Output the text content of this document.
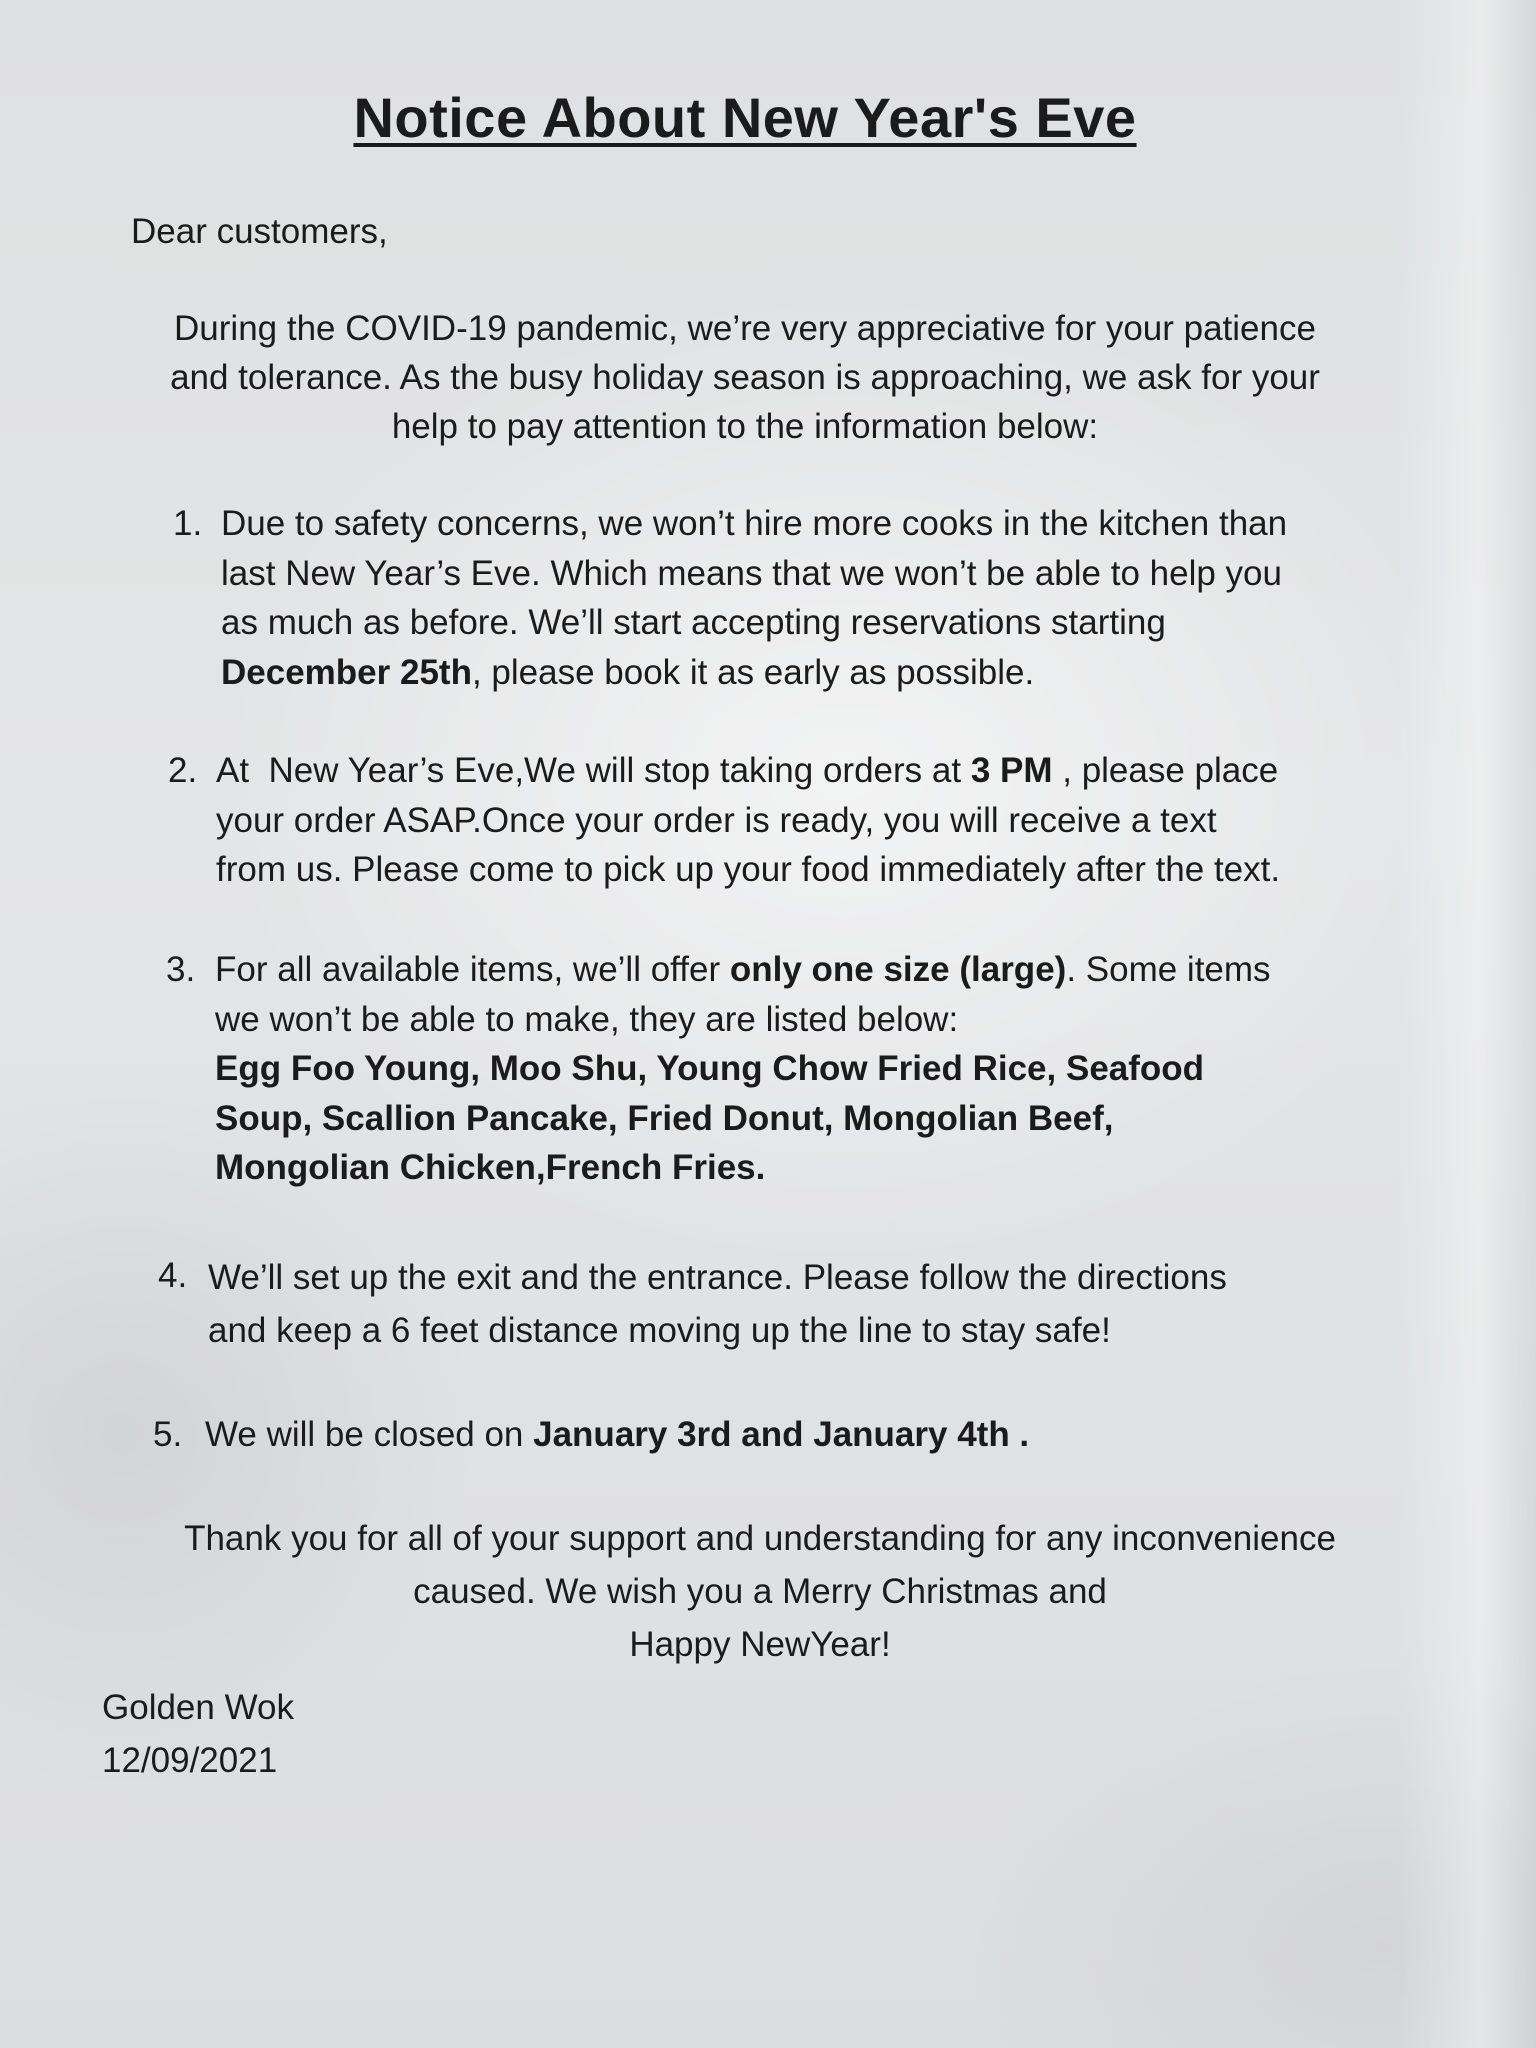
Notice About New Year's Eve
Dear customers,
During the COVID-19 pandemic, we’re very appreciative for your patience
and tolerance. As the busy holiday season is approaching, we ask for your
help to pay attention to the information below:
1. Due to safety concerns, we won’t hire more cooks in the kitchen than
last New Year’s Eve. Which means that we won’t be able to help you
as much as before. We’ll start accepting reservations starting
December 25th, please book it as early as possible.
2. At  New Year’s Eve,We will stop taking orders at 3 PM , please place
your order ASAP.Once your order is ready, you will receive a text
from us. Please come to pick up your food immediately after the text.
3. For all available items, we’ll offer only one size (large). Some items
we won’t be able to make, they are listed below:
Egg Foo Young, Moo Shu, Young Chow Fried Rice, Seafood
Soup, Scallion Pancake, Fried Donut, Mongolian Beef,
Mongolian Chicken,French Fries.
4. We’ll set up the exit and the entrance. Please follow the directions
and keep a 6 feet distance moving up the line to stay safe!
5. We will be closed on January 3rd and January 4th .
Thank you for all of your support and understanding for any inconvenience
caused. We wish you a Merry Christmas and
Happy NewYear!
Golden Wok
12/09/2021
